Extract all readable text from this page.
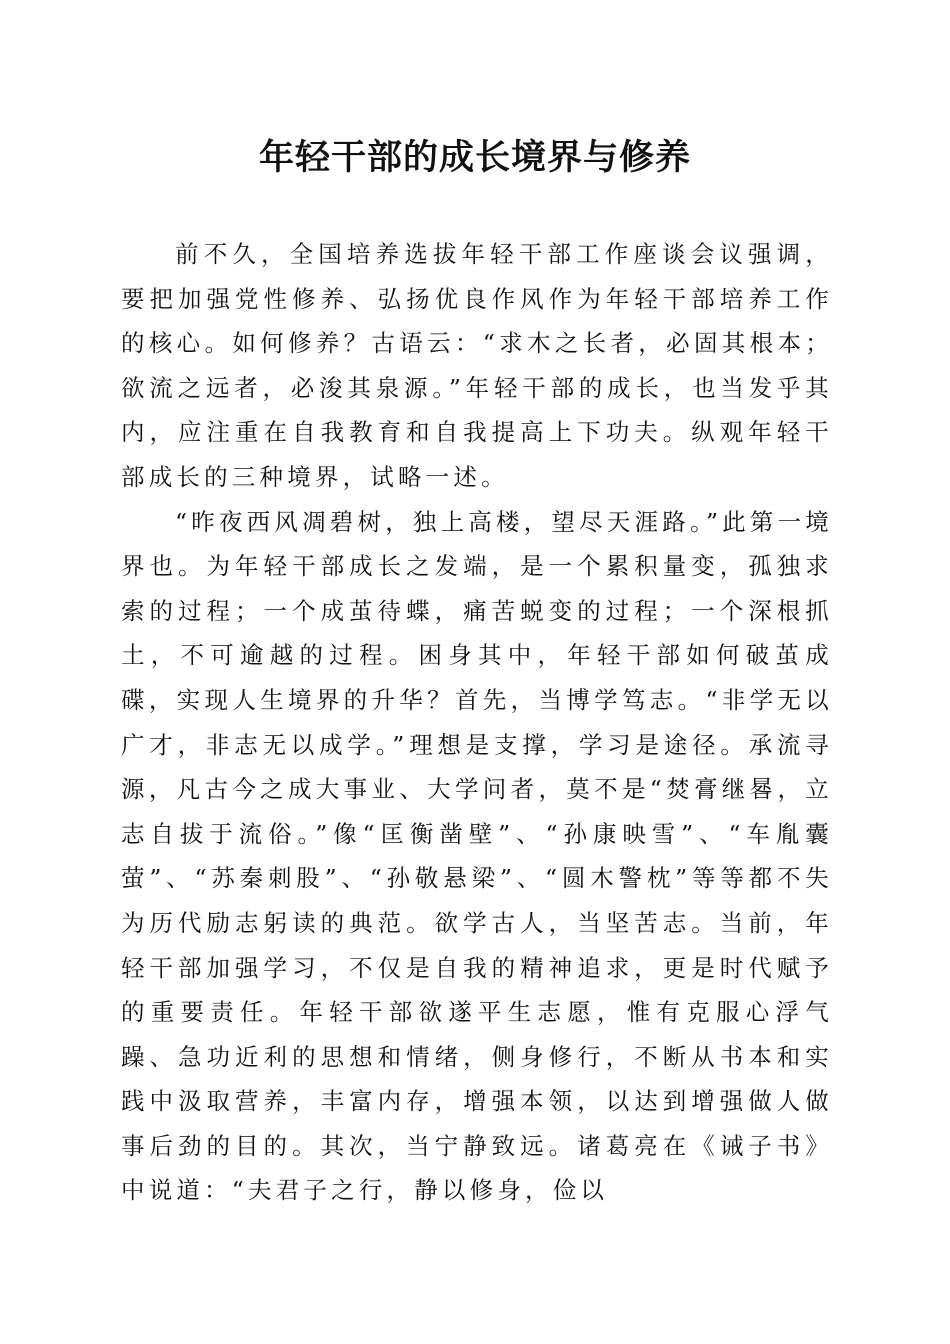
年轻干部的成长境界与修养

前不久，全国培养选拔年轻干部工作座谈会议强调，要把加强党性修养、弘扬优良作风作为年轻干部培养工作的核心。如何修养？古语云：“求木之长者，必固其根本；欲流之远者，必浚其泉源。”年轻干部的成长，也当发乎其内，应注重在自我教育和自我提高上下功夫。纵观年轻干部成长的三种境界，试略一述。

“昨夜西风凋碧树，独上高楼，望尽天涯路。”此第一境界也。为年轻干部成长之发端，是一个累积量变，孤独求索的过程；一个成茧待蝶，痛苦蜕变的过程；一个深根抓土，不可逾越的过程。困身其中，年轻干部如何破茧成碟，实现人生境界的升华？首先，当博学笃志。“非学无以广才，非志无以成学。”理想是支撑，学习是途径。承流寻源，凡古今之成大事业、大学问者，莫不是“焚膏继晷，立志自拔于流俗。”像“匡衡凿壁”、“孙康映雪”、“车胤囊萤”、“苏秦刺股”、“孙敬悬梁”、“圆木警枕”等等都不失为历代励志躬读的典范。欲学古人，当坚苦志。当前，年轻干部加强学习，不仅是自我的精神追求，更是时代赋予的重要责任。年轻干部欲遂平生志愿，惟有克服心浮气躁、急功近利的思想和情绪，侧身修行，不断从书本和实践中汲取营养，丰富内存，增强本领，以达到增强做人做事后劲的目的。其次，当宁静致远。诸葛亮在《诫子书》中说道：“夫君子之行，静以修身，俭以
